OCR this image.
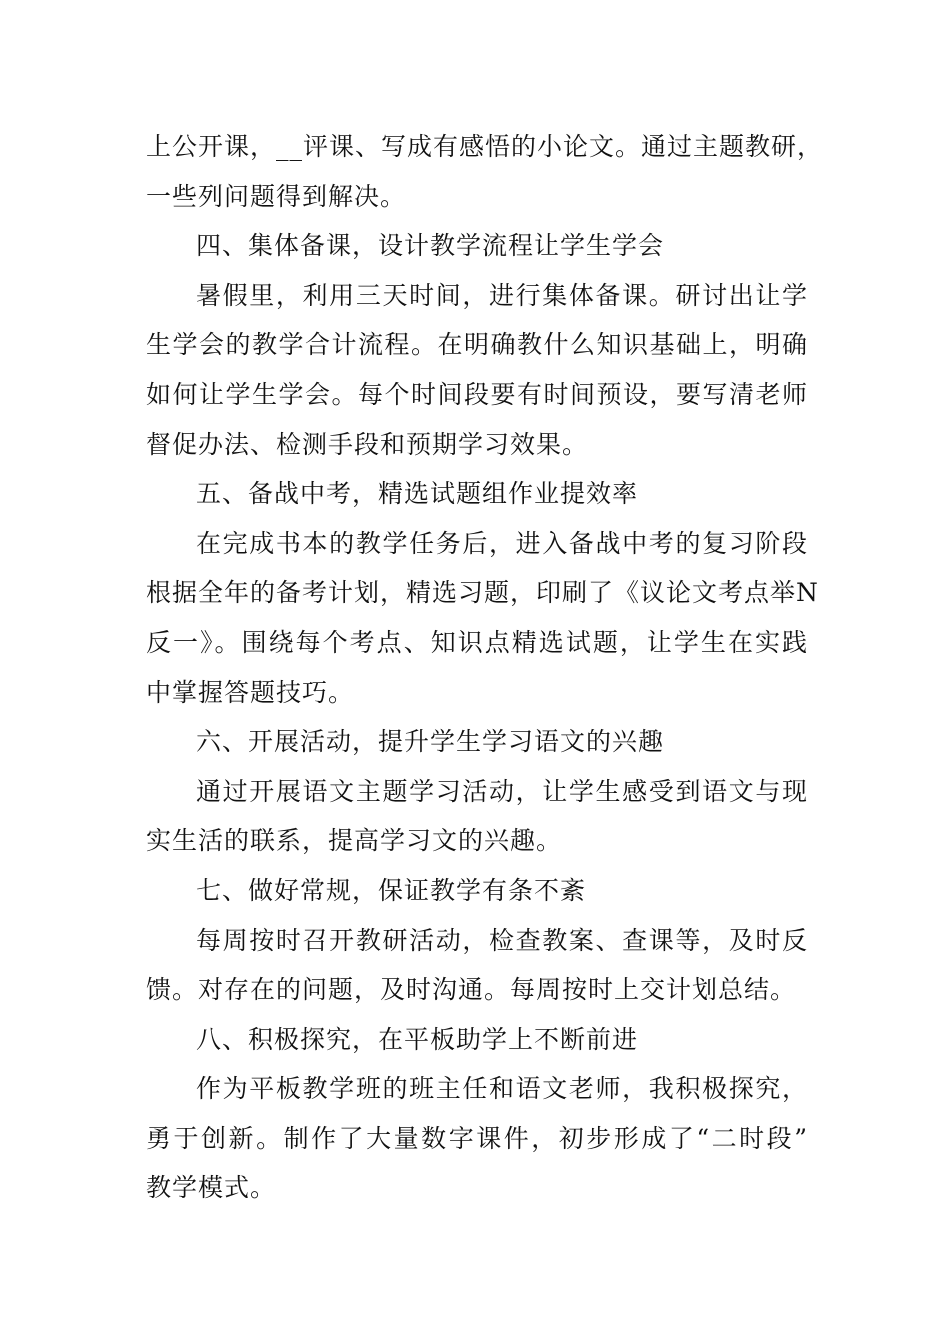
上公开课，__评课、写成有感悟的小论文。通过主题教研，
一些列问题得到解决。
四、集体备课，设计教学流程让学生学会
暑假里，利用三天时间，进行集体备课。研讨出让学
生学会的教学合计流程。在明确教什么知识基础上，明确
如何让学生学会。每个时间段要有时间预设，要写清老师
督促办法、检测手段和预期学习效果。
五、备战中考，精选试题组作业提效率
在完成书本的教学任务后，进入备战中考的复习阶段
根据全年的备考计划，精选习题，印刷了《议论文考点举N
反一》。围绕每个考点、知识点精选试题，让学生在实践
中掌握答题技巧。
六、开展活动，提升学生学习语文的兴趣
通过开展语文主题学习活动，让学生感受到语文与现
实生活的联系，提高学习文的兴趣。
七、做好常规，保证教学有条不紊
每周按时召开教研活动，检查教案、查课等，及时反
馈。对存在的问题，及时沟通。每周按时上交计划总结。
八、积极探究，在平板助学上不断前进
作为平板教学班的班主任和语文老师，我积极探究，
勇于创新。制作了大量数字课件，初步形成了“二时段”
教学模式。
